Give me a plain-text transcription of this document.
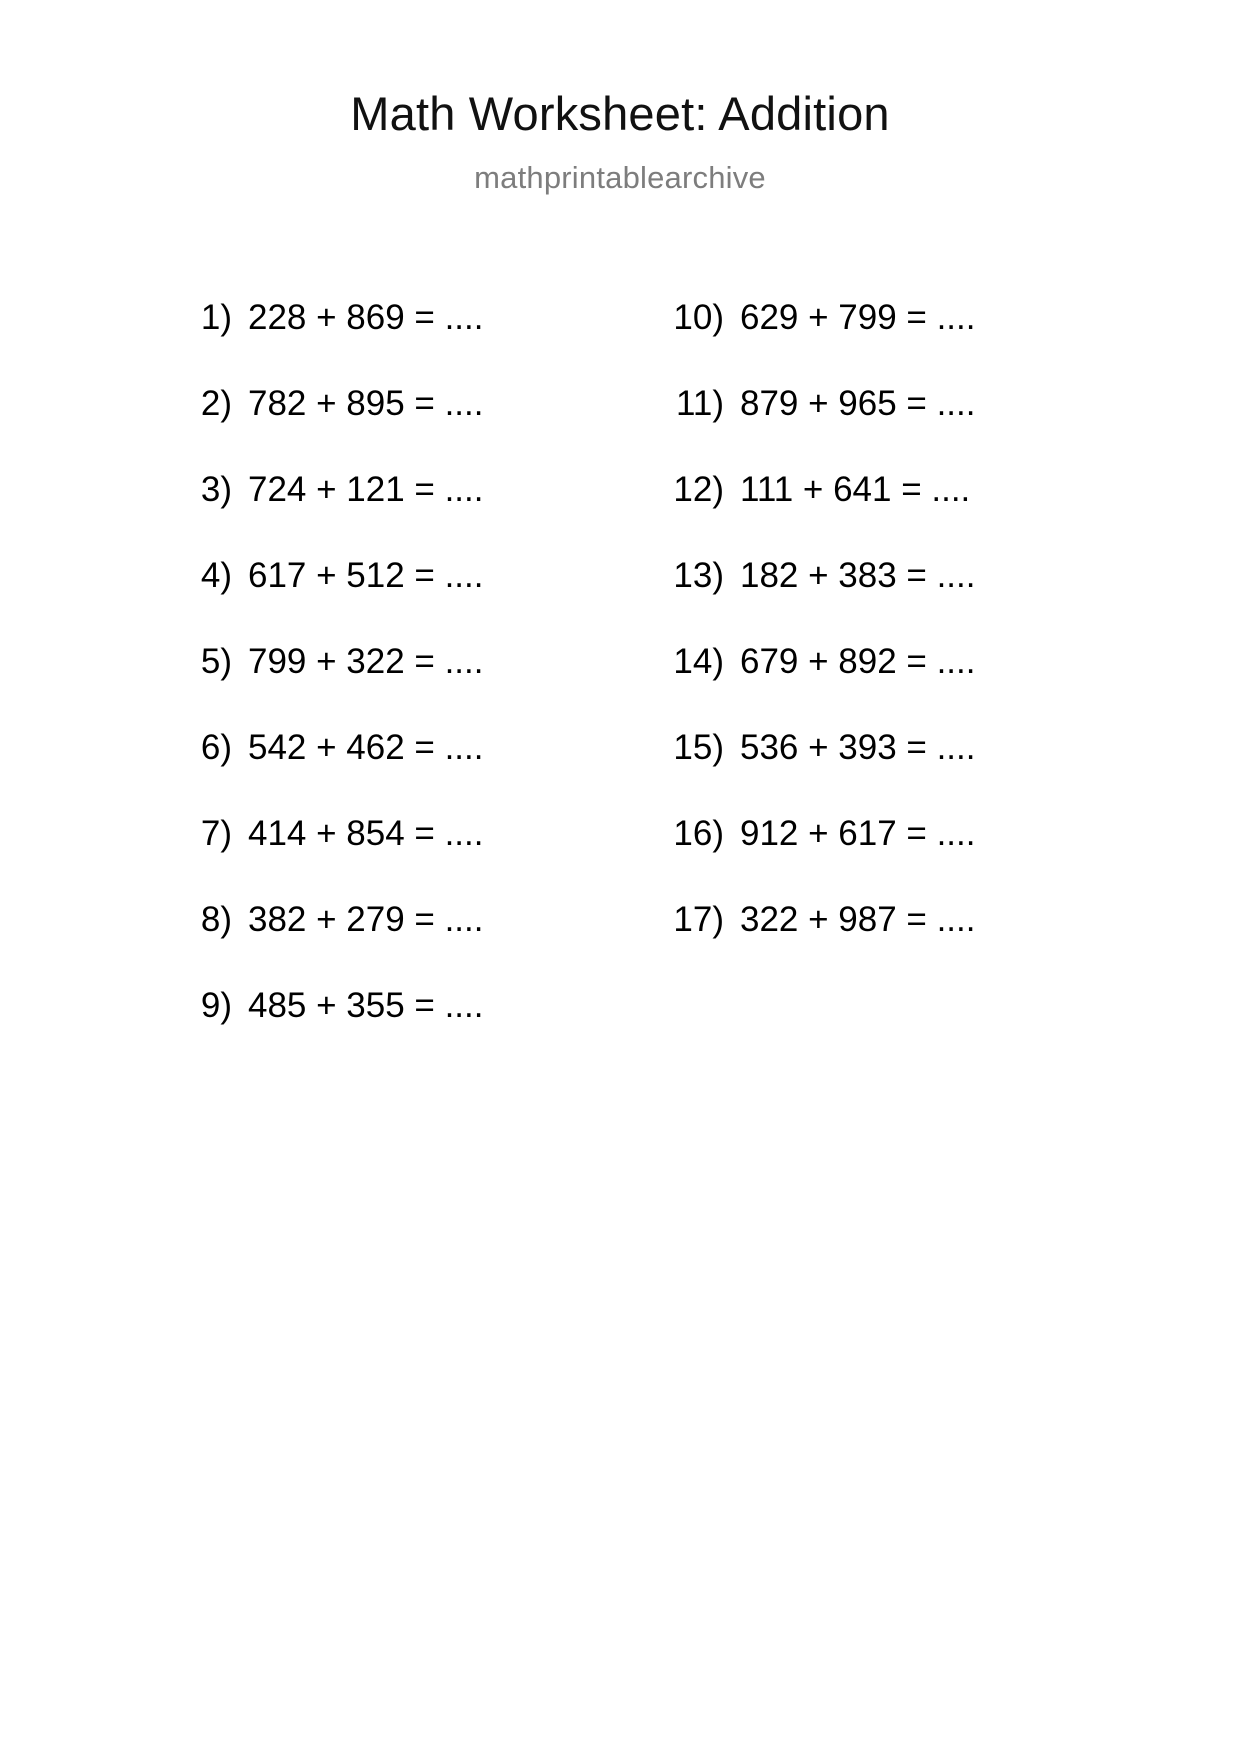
Math Worksheet: Addition
mathprintablearchive
1) 228 + 869 = ....
2) 782 + 895 = ....
3) 724 + 121 = ....
4) 617 + 512 = ....
5) 799 + 322 = ....
6) 542 + 462 = ....
7) 414 + 854 = ....
8) 382 + 279 = ....
9) 485 + 355 = ....
10) 629 + 799 = ....
11) 879 + 965 = ....
12) 111 + 641 = ....
13) 182 + 383 = ....
14) 679 + 892 = ....
15) 536 + 393 = ....
16) 912 + 617 = ....
17) 322 + 987 = ....
